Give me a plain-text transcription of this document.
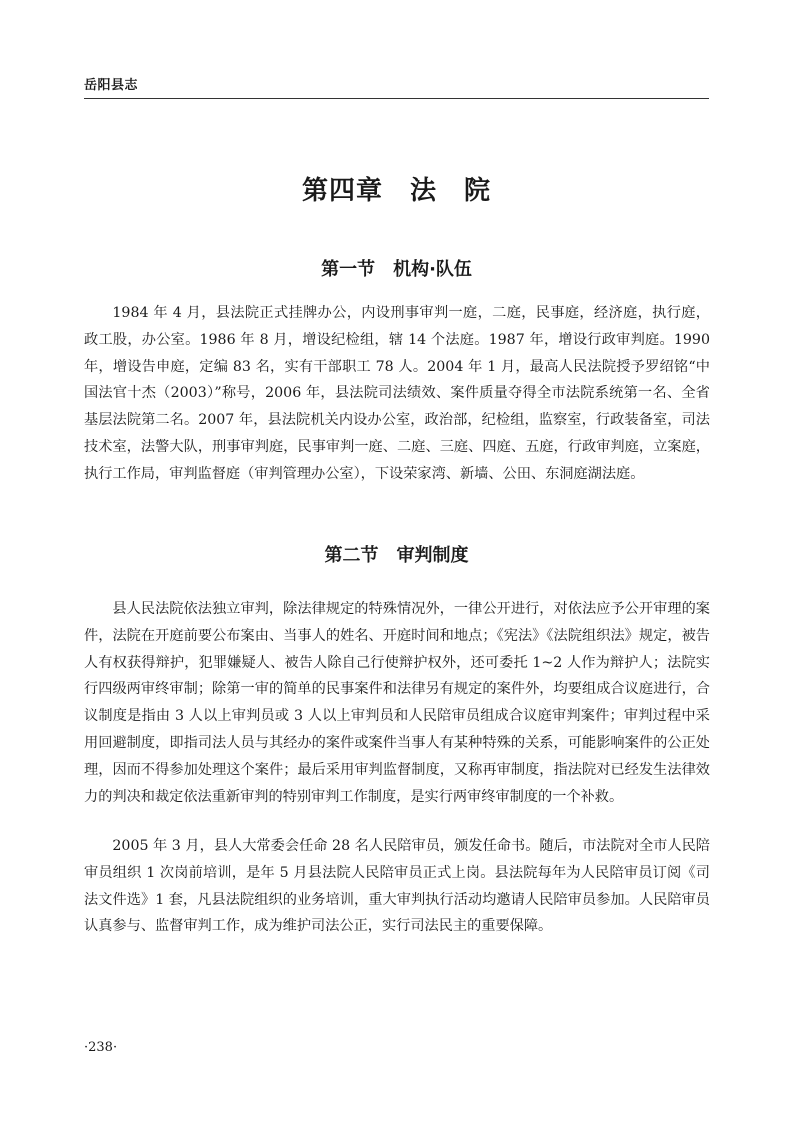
岳阳县志
第四章　法　院
第一节　机构·队伍

1984 年 4 月，县法院正式挂牌办公，内设刑事审判一庭，二庭，民事庭，经济庭，执行庭，政工股，办公室。1986 年 8 月，增设纪检组，辖 14 个法庭。1987 年，增设行政审判庭。1990 年，增设告申庭，定编 83 名，实有干部职工 78 人。2004 年 1 月，最高人民法院授予罗绍铭“中国法官十杰（2003）”称号，2006 年，县法院司法绩效、案件质量夺得全市法院系统第一名、全省基层法院第二名。2007 年，县法院机关内设办公室，政治部，纪检组，监察室，行政装备室，司法技术室，法警大队，刑事审判庭，民事审判一庭、二庭、三庭、四庭、五庭，行政审判庭，立案庭，执行工作局，审判监督庭（审判管理办公室），下设荣家湾、新墙、公田、东洞庭湖法庭。

第二节　审判制度

县人民法院依法独立审判，除法律规定的特殊情况外，一律公开进行，对依法应予公开审理的案件，法院在开庭前要公布案由、当事人的姓名、开庭时间和地点；《宪法》《法院组织法》规定，被告人有权获得辩护，犯罪嫌疑人、被告人除自己行使辩护权外，还可委托 1~2 人作为辩护人；法院实行四级两审终审制；除第一审的简单的民事案件和法律另有规定的案件外，均要组成合议庭进行，合议制度是指由 3 人以上审判员或 3 人以上审判员和人民陪审员组成合议庭审判案件；审判过程中采用回避制度，即指司法人员与其经办的案件或案件当事人有某种特殊的关系，可能影响案件的公正处理，因而不得参加处理这个案件；最后采用审判监督制度，又称再审制度，指法院对已经发生法律效力的判决和裁定依法重新审判的特别审判工作制度，是实行两审终审制度的一个补救。

2005 年 3 月，县人大常委会任命 28 名人民陪审员，颁发任命书。随后，市法院对全市人民陪审员组织 1 次岗前培训，是年 5 月县法院人民陪审员正式上岗。县法院每年为人民陪审员订阅《司法文件选》1 套，凡县法院组织的业务培训，重大审判执行活动均邀请人民陪审员参加。人民陪审员认真参与、监督审判工作，成为维护司法公正，实行司法民主的重要保障。

·238·
